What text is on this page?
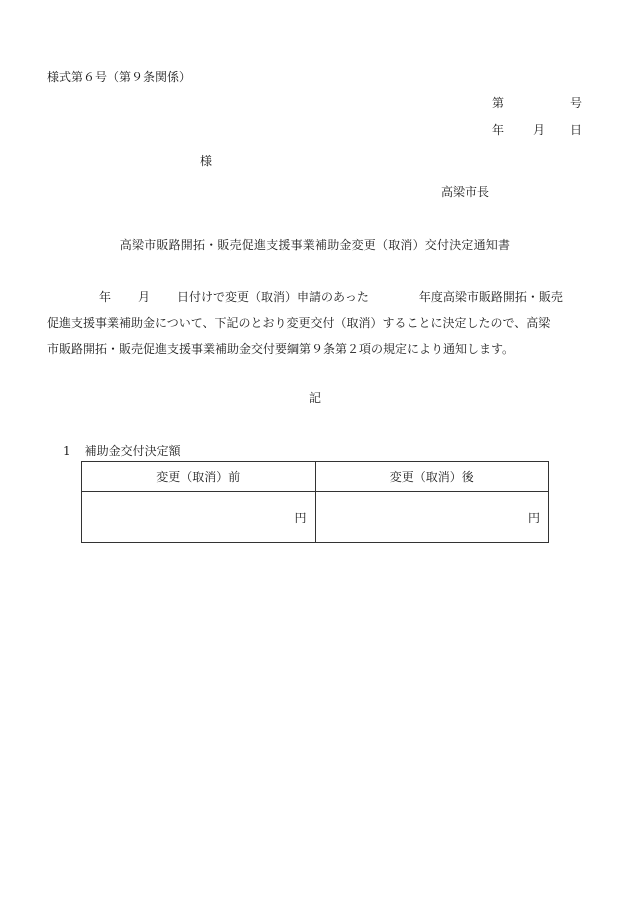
様式第６号（第９条関係）
第	号
年 月 日
様
高梁市長
高梁市販路開拓・販売促進支援事業補助金変更（取消）交付決定通知書
年 月 日付けで変更（取消）申請のあった	年度高梁市販路開拓・販売
促進支援事業補助金について、下記のとおり変更交付（取消）することに決定したので、高梁
市販路開拓・販売促進支援事業補助金交付要綱第９条第２項の規定により通知します。
記
1 補助金交付決定額
変更（取消）前	変更（取消）後
円	円
